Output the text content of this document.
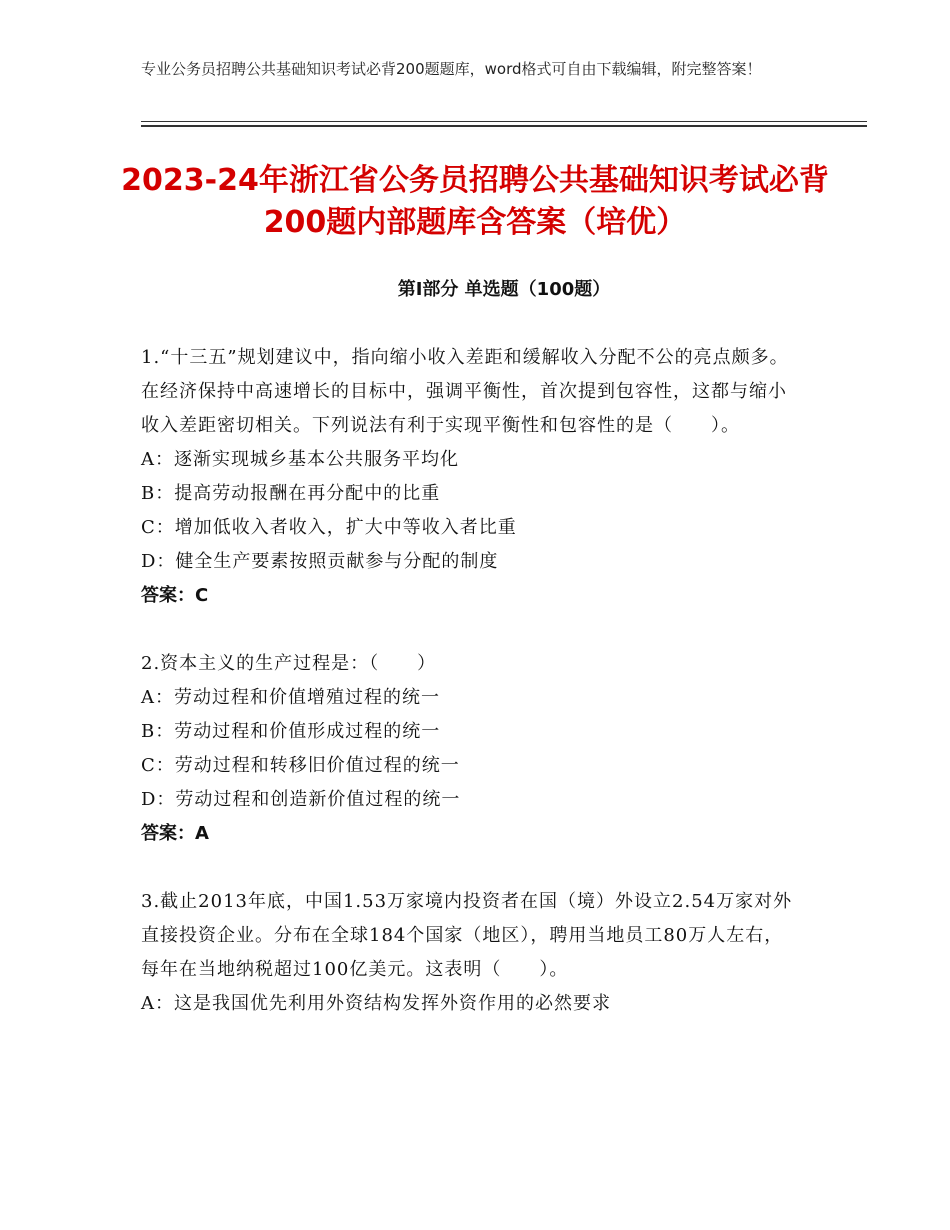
专业公务员招聘公共基础知识考试必背200题题库，word格式可自由下载编辑，附完整答案！
2023-24年浙江省公务员招聘公共基础知识考试必背200题内部题库含答案（培优）
第Ⅰ部分 单选题（100题）
1.“十三五”规划建议中，指向缩小收入差距和缓解收入分配不公的亮点颇多。在经济保持中高速增长的目标中，强调平衡性，首次提到包容性，这都与缩小收入差距密切相关。下列说法有利于实现平衡性和包容性的是（　　）。
A：逐渐实现城乡基本公共服务平均化
B：提高劳动报酬在再分配中的比重
C：增加低收入者收入，扩大中等收入者比重
D：健全生产要素按照贡献参与分配的制度
答案：C
2.资本主义的生产过程是：（　　）
A：劳动过程和价值增殖过程的统一
B：劳动过程和价值形成过程的统一
C：劳动过程和转移旧价值过程的统一
D：劳动过程和创造新价值过程的统一
答案：A
3.截止2013年底，中国1.53万家境内投资者在国（境）外设立2.54万家对外直接投资企业。分布在全球184个国家（地区），聘用当地员工80万人左右，每年在当地纳税超过100亿美元。这表明（　　）。
A：这是我国优先利用外资结构发挥外资作用的必然要求
